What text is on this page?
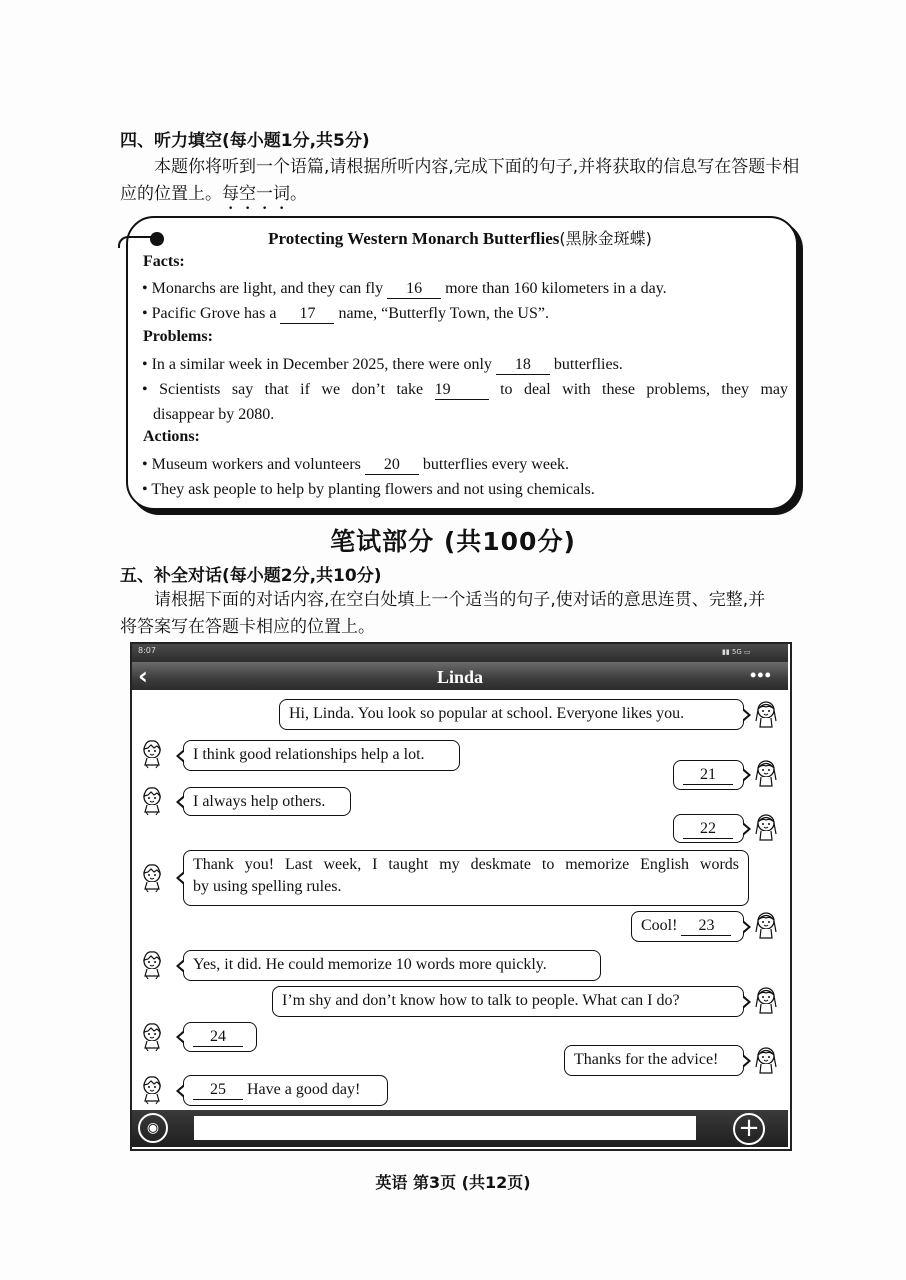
四、听力填空(每小题1分,共5分)
本题你将听到一个语篇,请根据所听内容,完成下面的句子,并将获取的信息写在答题卡相应的位置上。每空一词。
Protecting Western Monarch Butterflies(黑脉金斑蝶)
Facts:
• Monarchs are light, and they can fly 16 more than 160 kilometers in a day.
• Pacific Grove has a 17 name, “Butterfly Town, the US”.
Problems:
• In a similar week in December 2025, there were only 18 butterflies.
• Scientists say that if we don’t take 19 to deal with these problems, they may
disappear by 2080.
Actions:
• Museum workers and volunteers 20 butterflies every week.
• They ask people to help by planting flowers and not using chemicals.
笔试部分 (共100分)
五、补全对话(每小题2分,共10分)
请根据下面的对话内容,在空白处填上一个适当的句子,使对话的意思连贯、完整,并
将答案写在答题卡相应的位置上。
8:07	▮▮ 5G ▭
‹	Linda	•••
Hi, Linda. You look so popular at school. Everyone likes you.
I think good relationships help a lot.
21
I always help others.
22
Thank you! Last week, I taught my deskmate to memorize English words
by using spelling rules.
Cool! 23
Yes, it did. He could memorize 10 words more quickly.
I’m shy and don’t know how to talk to people. What can I do?
24
Thanks for the advice!
25 Have a good day!
◉	+
英语 第3页 (共12页)
